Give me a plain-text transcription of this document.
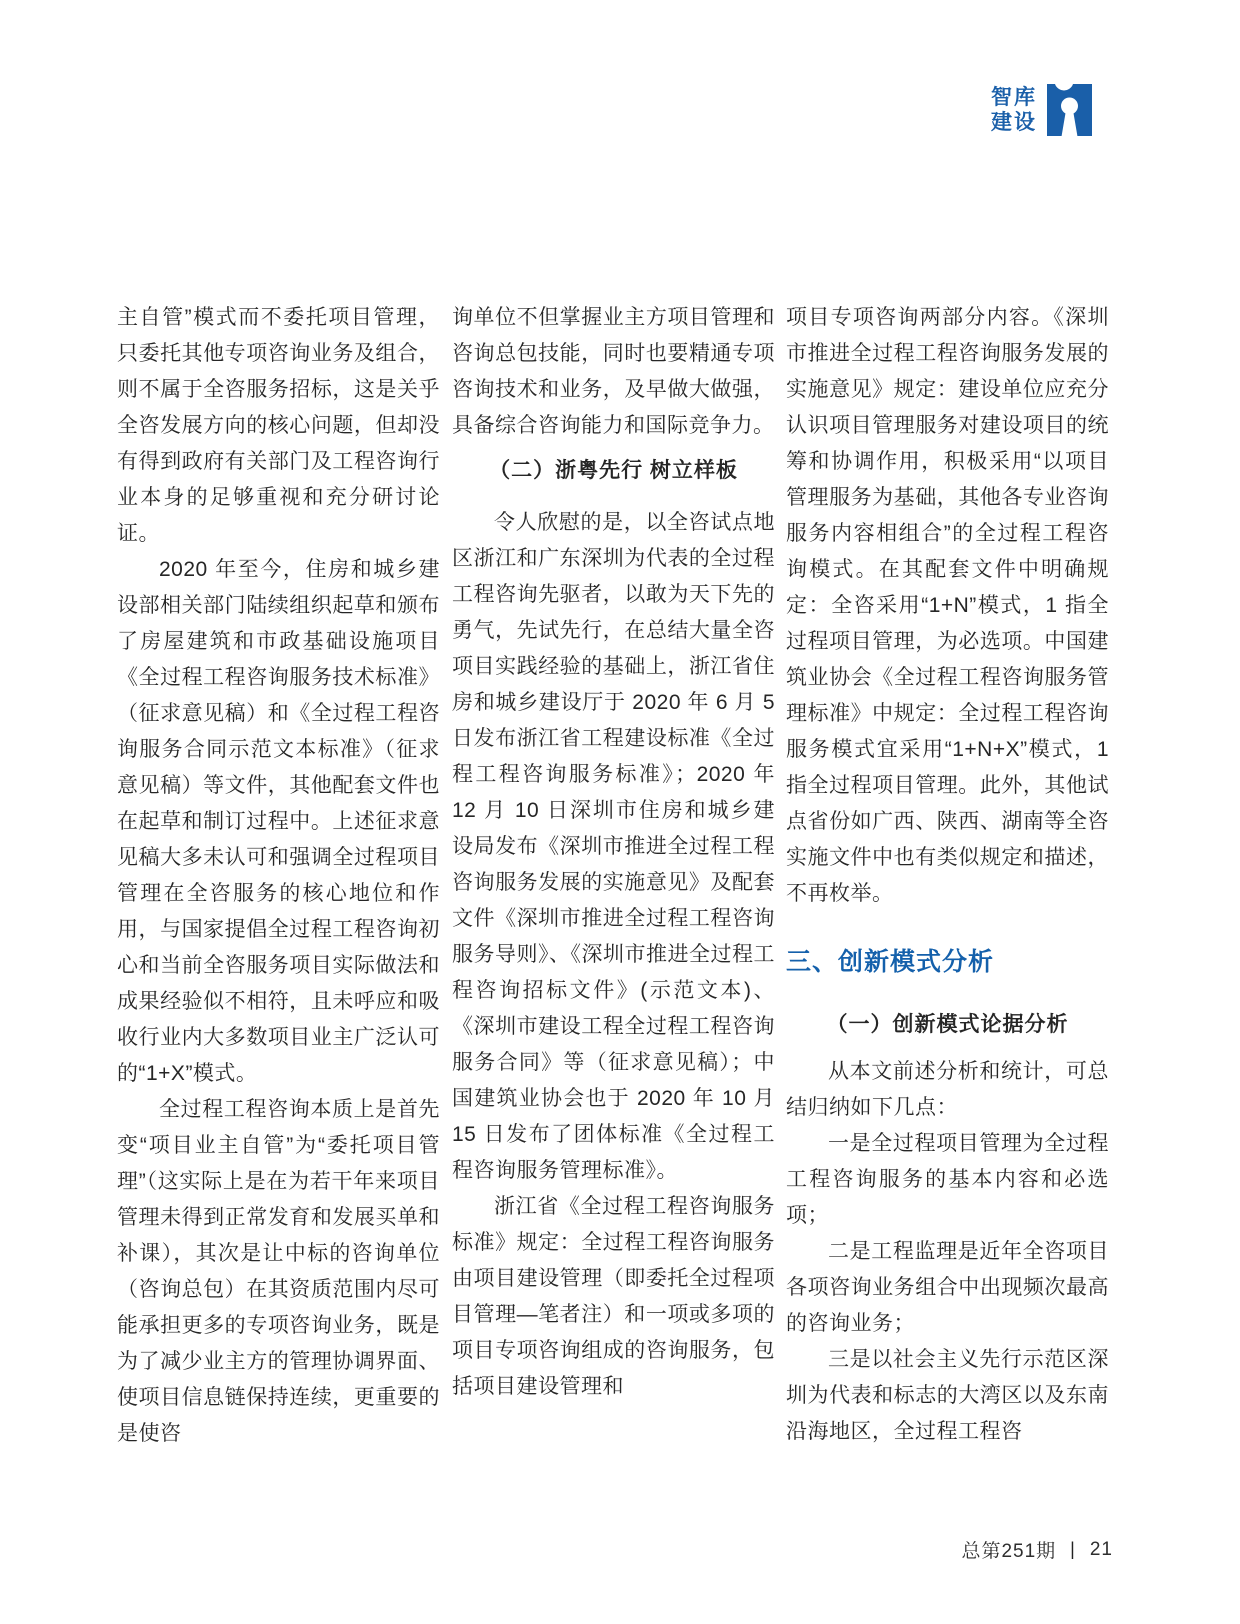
智库
建设

主自管”模式而不委托项目管理，只委托其他专项咨询业务及组合，则不属于全咨服务招标，这是关乎全咨发展方向的核心问题，但却没有得到政府有关部门及工程咨询行业本身的足够重视和充分研讨论证。

2020 年至今，住房和城乡建设部相关部门陆续组织起草和颁布了房屋建筑和市政基础设施项目《全过程工程咨询服务技术标准》（征求意见稿）和《全过程工程咨询服务合同示范文本标准》（征求意见稿）等文件，其他配套文件也在起草和制订过程中。上述征求意见稿大多未认可和强调全过程项目管理在全咨服务的核心地位和作用，与国家提倡全过程工程咨询初心和当前全咨服务项目实际做法和成果经验似不相符，且未呼应和吸收行业内大多数项目业主广泛认可的“1+X”模式。

全过程工程咨询本质上是首先变“项目业主自管”为“委托项目管理”（这实际上是在为若干年来项目管理未得到正常发育和发展买单和补课），其次是让中标的咨询单位（咨询总包）在其资质范围内尽可能承担更多的专项咨询业务，既是为了减少业主方的管理协调界面、使项目信息链保持连续，更重要的是使咨

询单位不但掌握业主方项目管理和咨询总包技能，同时也要精通专项咨询技术和业务，及早做大做强，具备综合咨询能力和国际竞争力。

（二）浙粤先行 树立样板

令人欣慰的是，以全咨试点地区浙江和广东深圳为代表的全过程工程咨询先驱者，以敢为天下先的勇气，先试先行，在总结大量全咨项目实践经验的基础上，浙江省住房和城乡建设厅于 2020 年 6 月 5 日发布浙江省工程建设标准《全过程工程咨询服务标准》；2020 年 12 月 10 日深圳市住房和城乡建设局发布《深圳市推进全过程工程咨询服务发展的实施意见》及配套文件《深圳市推进全过程工程咨询服务导则》、《深圳市推进全过程工程咨询招标文件》(示范文本)、《深圳市建设工程全过程工程咨询服务合同》等（征求意见稿）；中国建筑业协会也于 2020 年 10 月 15 日发布了团体标准《全过程工程咨询服务管理标准》。

浙江省《全过程工程咨询服务标准》规定：全过程工程咨询服务由项目建设管理（即委托全过程项目管理—笔者注）和一项或多项的项目专项咨询组成的咨询服务，包括项目建设管理和

项目专项咨询两部分内容。《深圳市推进全过程工程咨询服务发展的实施意见》规定：建设单位应充分认识项目管理服务对建设项目的统筹和协调作用，积极采用“以项目管理服务为基础，其他各专业咨询服务内容相组合”的全过程工程咨询模式。在其配套文件中明确规定：全咨采用“1+N”模式，1 指全过程项目管理，为必选项。中国建筑业协会《全过程工程咨询服务管理标准》中规定：全过程工程咨询服务模式宜采用“1+N+X”模式，1 指全过程项目管理。此外，其他试点省份如广西、陕西、湖南等全咨实施文件中也有类似规定和描述，不再枚举。

三、创新模式分析
（一）创新模式论据分析

从本文前述分析和统计，可总结归纳如下几点：

一是全过程项目管理为全过程工程咨询服务的基本内容和必选项；

二是工程监理是近年全咨项目各项咨询业务组合中出现频次最高的咨询业务；

三是以社会主义先行示范区深圳为代表和标志的大湾区以及东南沿海地区，全过程工程咨

总第251期 | 21
